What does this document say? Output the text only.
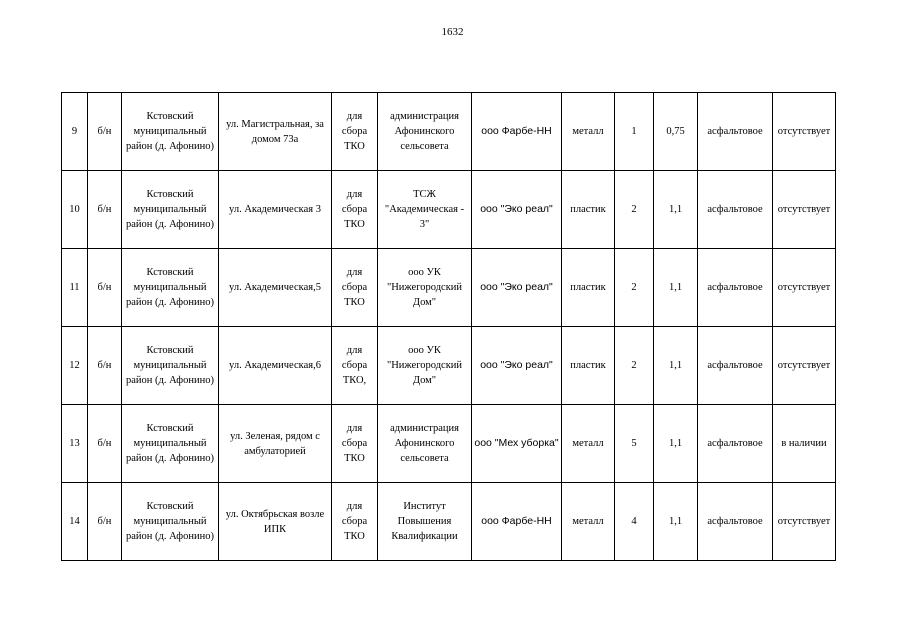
1632
9	б/н	Кстовский муниципальный район (д. Афонино)	ул. Магистральная, за домом 73а	для сбора ТКО	администрация Афонинского сельсовета	ооо Фарбе-НН	металл	1	0,75	асфальтовое	отсутствует
10	б/н	Кстовский муниципальный район (д. Афонино)	ул. Академическая 3	для сбора ТКО	ТСЖ "Академическая - 3"	ооо "Эко реал"	пластик	2	1,1	асфальтовое	отсутствует
11	б/н	Кстовский муниципальный район (д. Афонино)	ул. Академическая,5	для сбора ТКО	ооо УК "Нижегородский Дом"	ооо "Эко реал"	пластик	2	1,1	асфальтовое	отсутствует
12	б/н	Кстовский муниципальный район (д. Афонино)	ул. Академическая,6	для сбора ТКО,	ооо УК "Нижегородский Дом"	ооо "Эко реал"	пластик	2	1,1	асфальтовое	отсутствует
13	б/н	Кстовский муниципальный район (д. Афонино)	ул. Зеленая, рядом с амбулаторией	для сбора ТКО	администрация Афонинского сельсовета	ооо "Мех уборка"	металл	5	1,1	асфальтовое	в наличии
14	б/н	Кстовский муниципальный район (д. Афонино)	ул. Октябрьская возле ИПК	для сбора ТКО	Институт Повышения Квалификации	ооо Фарбе-НН	металл	4	1,1	асфальтовое	отсутствует
